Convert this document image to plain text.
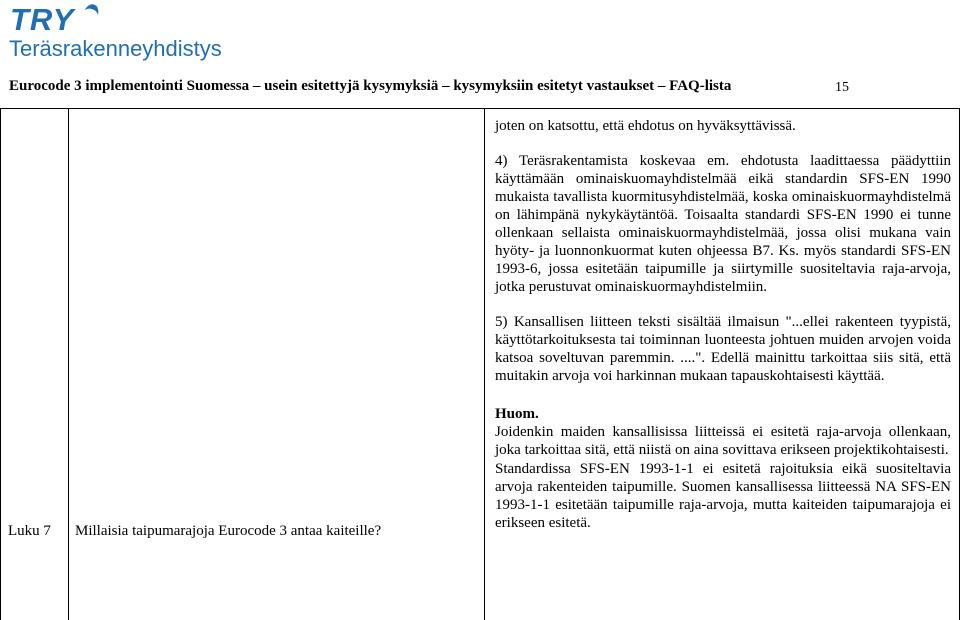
TRY
Teräsrakenneyhdistys
Eurocode 3 implementointi Suomessa – usein esitettyjä kysymyksiä – kysymyksiin esitetyt vastaukset – FAQ-lista	15

joten on katsottu, että ehdotus on hyväksyttävissä.

4) Teräsrakentamista koskevaa em. ehdotusta laadittaessa päädyttiin käyttämään ominaiskuomayhdistelmää eikä standardin SFS-EN 1990 mukaista tavallista kuormitusyhdistelmää, koska ominaiskuormayhdistelmä on lähimpänä nykykäytäntöä. Toisaalta standardi SFS-EN 1990 ei tunne ollenkaan sellaista ominaiskuormayhdistelmää, jossa olisi mukana vain hyöty- ja luonnonkuormat kuten ohjeessa B7. Ks. myös standardi SFS-EN 1993-6, jossa esitetään taipumille ja siirtymille suositeltavia raja-arvoja, jotka perustuvat ominaiskuormayhdistelmiin.

5) Kansallisen liitteen teksti sisältää ilmaisun "...ellei rakenteen tyypistä, käyttötarkoituksesta tai toiminnan luonteesta johtuen muiden arvojen voida katsoa soveltuvan paremmin. ....". Edellä mainittu tarkoittaa siis sitä, että muitakin arvoja voi harkinnan mukaan tapauskohtaisesti käyttää.

Huom.

Joidenkin maiden kansallisissa liitteissä ei esitetä raja-arvoja ollenkaan, joka tarkoittaa sitä, että niistä on aina sovittava erikseen projektikohtaisesti.

Standardissa SFS-EN 1993-1-1 ei esitetä rajoituksia eikä suositeltavia arvoja rakenteiden taipumille. Suomen kansallisessa liitteessä NA SFS-EN 1993-1-1 esitetään taipumille raja-arvoja, mutta kaiteiden taipumarajoja ei erikseen esitetä.

Luku 7 Millaisia taipumarajoja Eurocode 3 antaa kaiteille?
